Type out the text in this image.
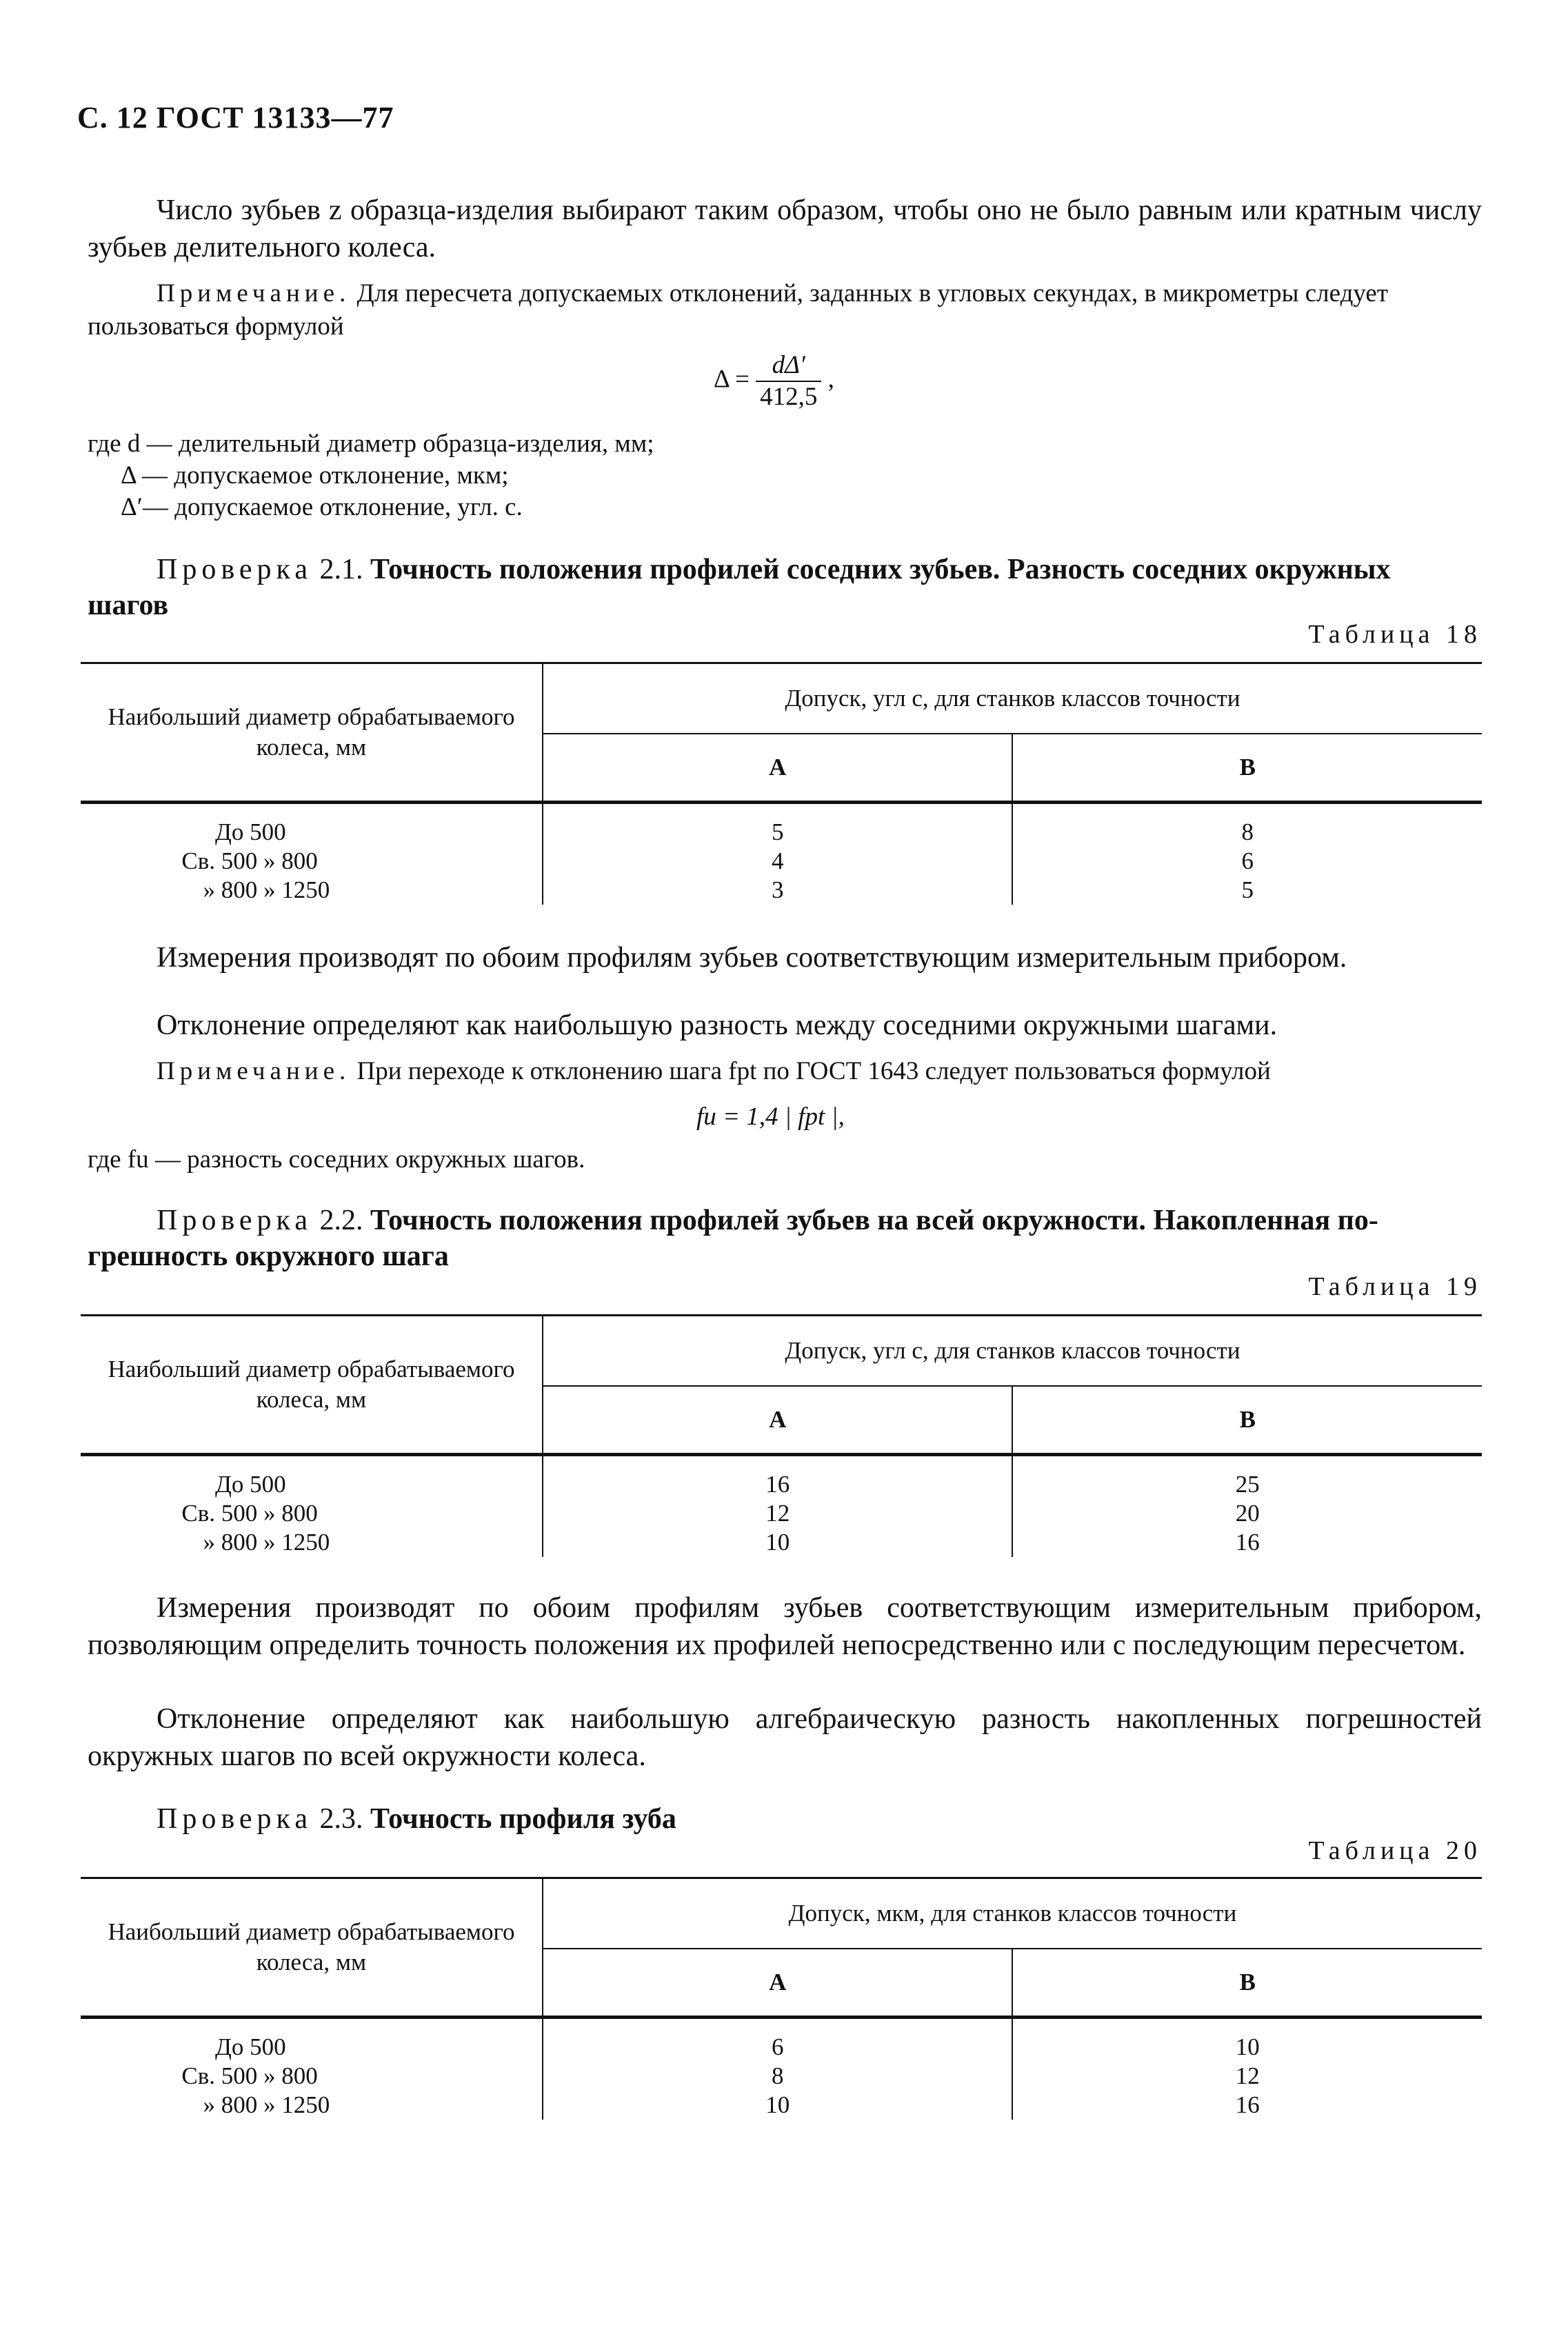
С. 12 ГОСТ 13133—77
Число зубьев z образца-изделия выбирают таким образом, чтобы оно не было равным или кратным числу зубьев делительного колеса.
Примечание. Для пересчета допускаемых отклонений, заданных в угловых секундах, в микрометры следует пользоваться формулой
$\Delta = \frac{d\Delta'}{412,5}$ ,
где d — делительный диаметр образца-изделия, мм;
Δ — допускаемое отклонение, мкм;
Δ′— допускаемое отклонение, угл. с.
Проверка 2.1. Точность положения профилей соседних зубьев. Разность соседних окружных
шагов
Таблица 18
Наибольший диаметр обрабатываемого
колеса, мм	Допуск, угл с, для станков классов точности	
	А	В

До 500	5	8
Св. 500 » 800	4	6
» 800 » 1250	3	5
Измерения производят по обоим профилям зубьев соответствующим измерительным прибором.
Отклонение определяют как наибольшую разность между соседними окружными шагами.
Примечание. При переходе к отклонению шага fpt по ГОСТ 1643 следует пользоваться формулой
fu = 1,4 | fpt |,
где fu — разность соседних окружных шагов.
Проверка 2.2. Точность положения профилей зубьев на всей окружности. Накопленная по-
грешность окружного шага
Таблица 19
Наибольший диаметр обрабатываемого
колеса, мм	Допуск, угл с, для станков классов точности	
	А	В

До 500	16	25
Св. 500 » 800	12	20
» 800 » 1250	10	16
Измерения производят по обоим профилям зубьев соответствующим измерительным прибором, позволяющим определить точность положения их профилей непосредственно или с последующим пересчетом.
Отклонение определяют как наибольшую алгебраическую разность накопленных погрешностей окружных шагов по всей окружности колеса.
Проверка 2.3. Точность профиля зуба
Таблица 20
Наибольший диаметр обрабатываемого
колеса, мм	Допуск, мкм, для станков классов точности	
	А	В

До 500	6	10
Св. 500 » 800	8	12
» 800 » 1250	10	16
